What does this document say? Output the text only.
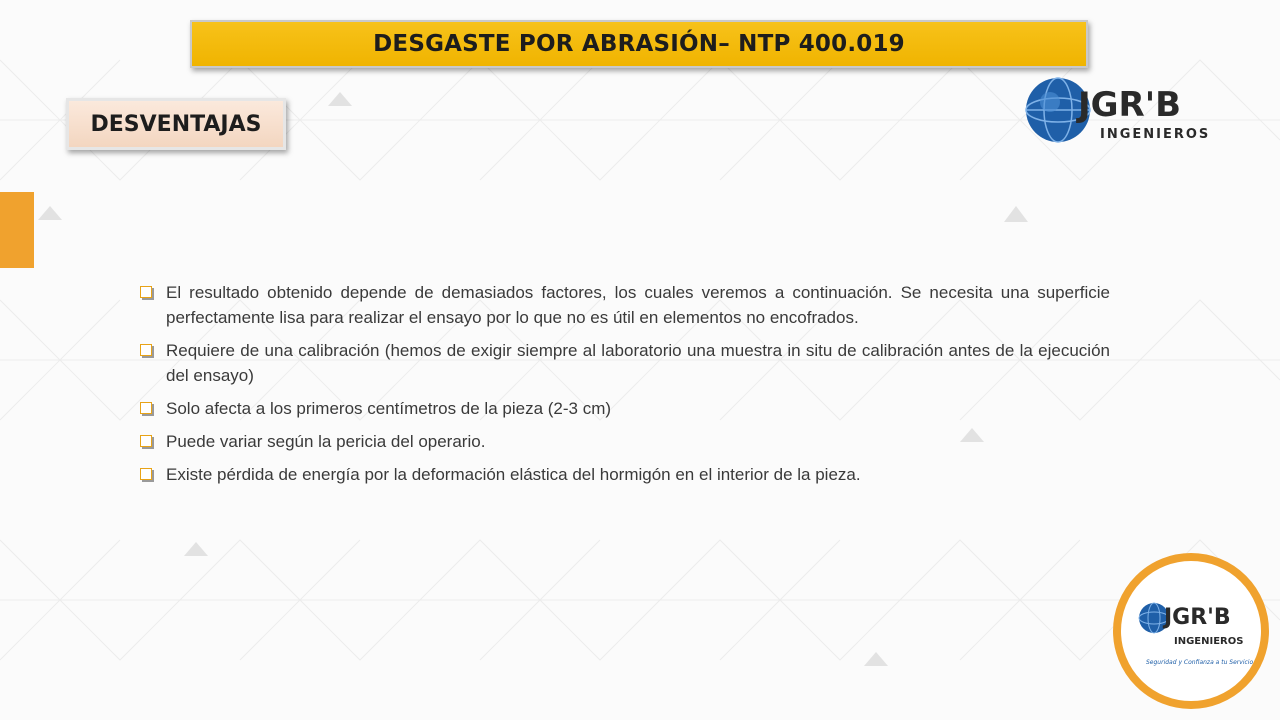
DESGASTE POR ABRASIÓN– NTP 400.019
DESVENTAJAS	JGR'B
INGENIEROS
El resultado obtenido depende de demasiados factores, los cuales veremos a continuación. Se necesita una superficie perfectamente lisa para realizar el ensayo por lo que no es útil en elementos no encofrados.
Requiere de una calibración (hemos de exigir siempre al laboratorio una muestra in situ de calibración antes de la ejecución del ensayo)
Solo afecta a los primeros centímetros de la pieza (2-3 cm)
Puede variar según la pericia del operario.
Existe pérdida de energía por la deformación elástica del hormigón en el interior de la pieza.
JGR'B
INGENIEROS
Seguridad y Confianza a tu Servicio
